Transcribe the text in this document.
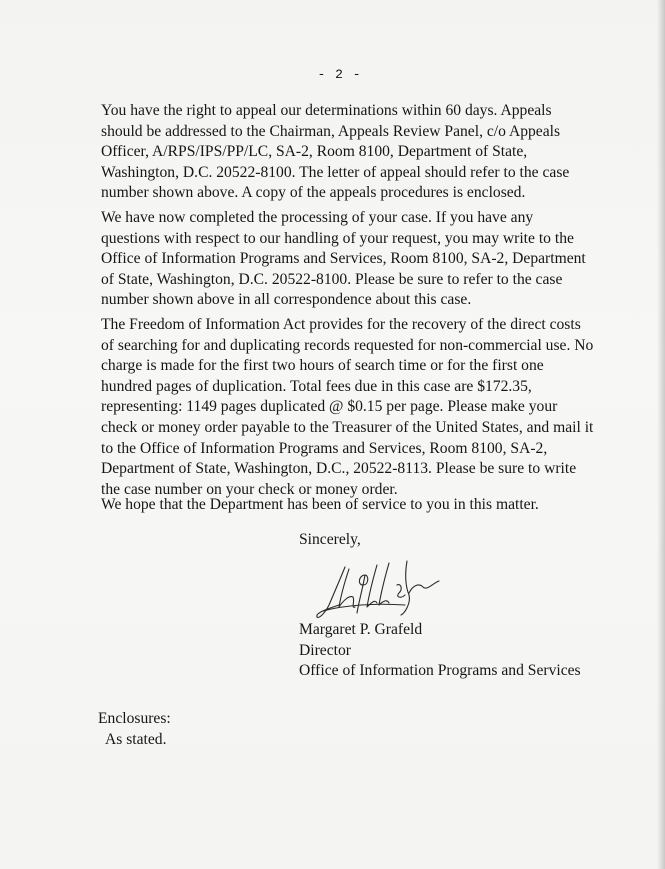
- 2 -
You have the right to appeal our determinations within 60 days. Appeals
should be addressed to the Chairman, Appeals Review Panel, c/o Appeals
Officer, A/RPS/IPS/PP/LC, SA-2, Room 8100, Department of State,
Washington, D.C. 20522-8100. The letter of appeal should refer to the case
number shown above. A copy of the appeals procedures is enclosed.
We have now completed the processing of your case. If you have any
questions with respect to our handling of your request, you may write to the
Office of Information Programs and Services, Room 8100, SA-2, Department
of State, Washington, D.C. 20522-8100. Please be sure to refer to the case
number shown above in all correspondence about this case.
The Freedom of Information Act provides for the recovery of the direct costs
of searching for and duplicating records requested for non-commercial use. No
charge is made for the first two hours of search time or for the first one
hundred pages of duplication. Total fees due in this case are $172.35,
representing: 1149 pages duplicated @ $0.15 per page. Please make your
check or money order payable to the Treasurer of the United States, and mail it
to the Office of Information Programs and Services, Room 8100, SA-2,
Department of State, Washington, D.C., 20522-8113. Please be sure to write
the case number on your check or money order.
We hope that the Department has been of service to you in this matter.
Sincerely,
Margaret P. Grafeld
Director
Office of Information Programs and Services
Enclosures:
As stated.
